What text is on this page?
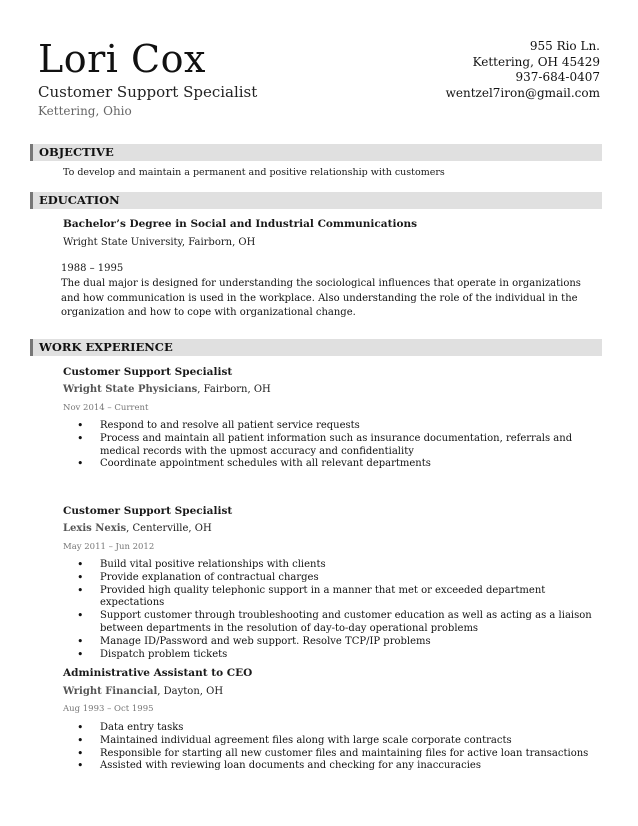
Lori Cox
Customer Support Specialist
Kettering, Ohio
955 Rio Ln.
Kettering, OH 45429
937-684-0407
wentzel7iron@gmail.com
OBJECTIVE
To develop and maintain a permanent and positive relationship with customers
EDUCATION
Bachelor’s Degree in Social and Industrial Communications
Wright State University, Fairborn, OH
1988 – 1995
The dual major is designed for understanding the sociological influences that operate in organizations and how communication is used in the workplace. Also understanding the role of the individual in the organization and how to cope with organizational change.
WORK EXPERIENCE
Customer Support Specialist
Wright State Physicians, Fairborn, OH
Nov 2014 – Current
• Respond to and resolve all patient service requests
• Process and maintain all patient information such as insurance documentation, referrals and medical records with the upmost accuracy and confidentiality
• Coordinate appointment schedules with all relevant departments
Customer Support Specialist
Lexis Nexis, Centerville, OH
May 2011 – Jun 2012
• Build vital positive relationships with clients
• Provide explanation of contractual charges
• Provided high quality telephonic support in a manner that met or exceeded department expectations
• Support customer through troubleshooting and customer education as well as acting as a liaison between departments in the resolution of day-to-day operational problems
• Manage ID/Password and web support. Resolve TCP/IP problems
• Dispatch problem tickets
Administrative Assistant to CEO
Wright Financial, Dayton, OH
Aug 1993 – Oct 1995
• Data entry tasks
• Maintained individual agreement files along with large scale corporate contracts
• Responsible for starting all new customer files and maintaining files for active loan transactions
• Assisted with reviewing loan documents and checking for any inaccuracies
